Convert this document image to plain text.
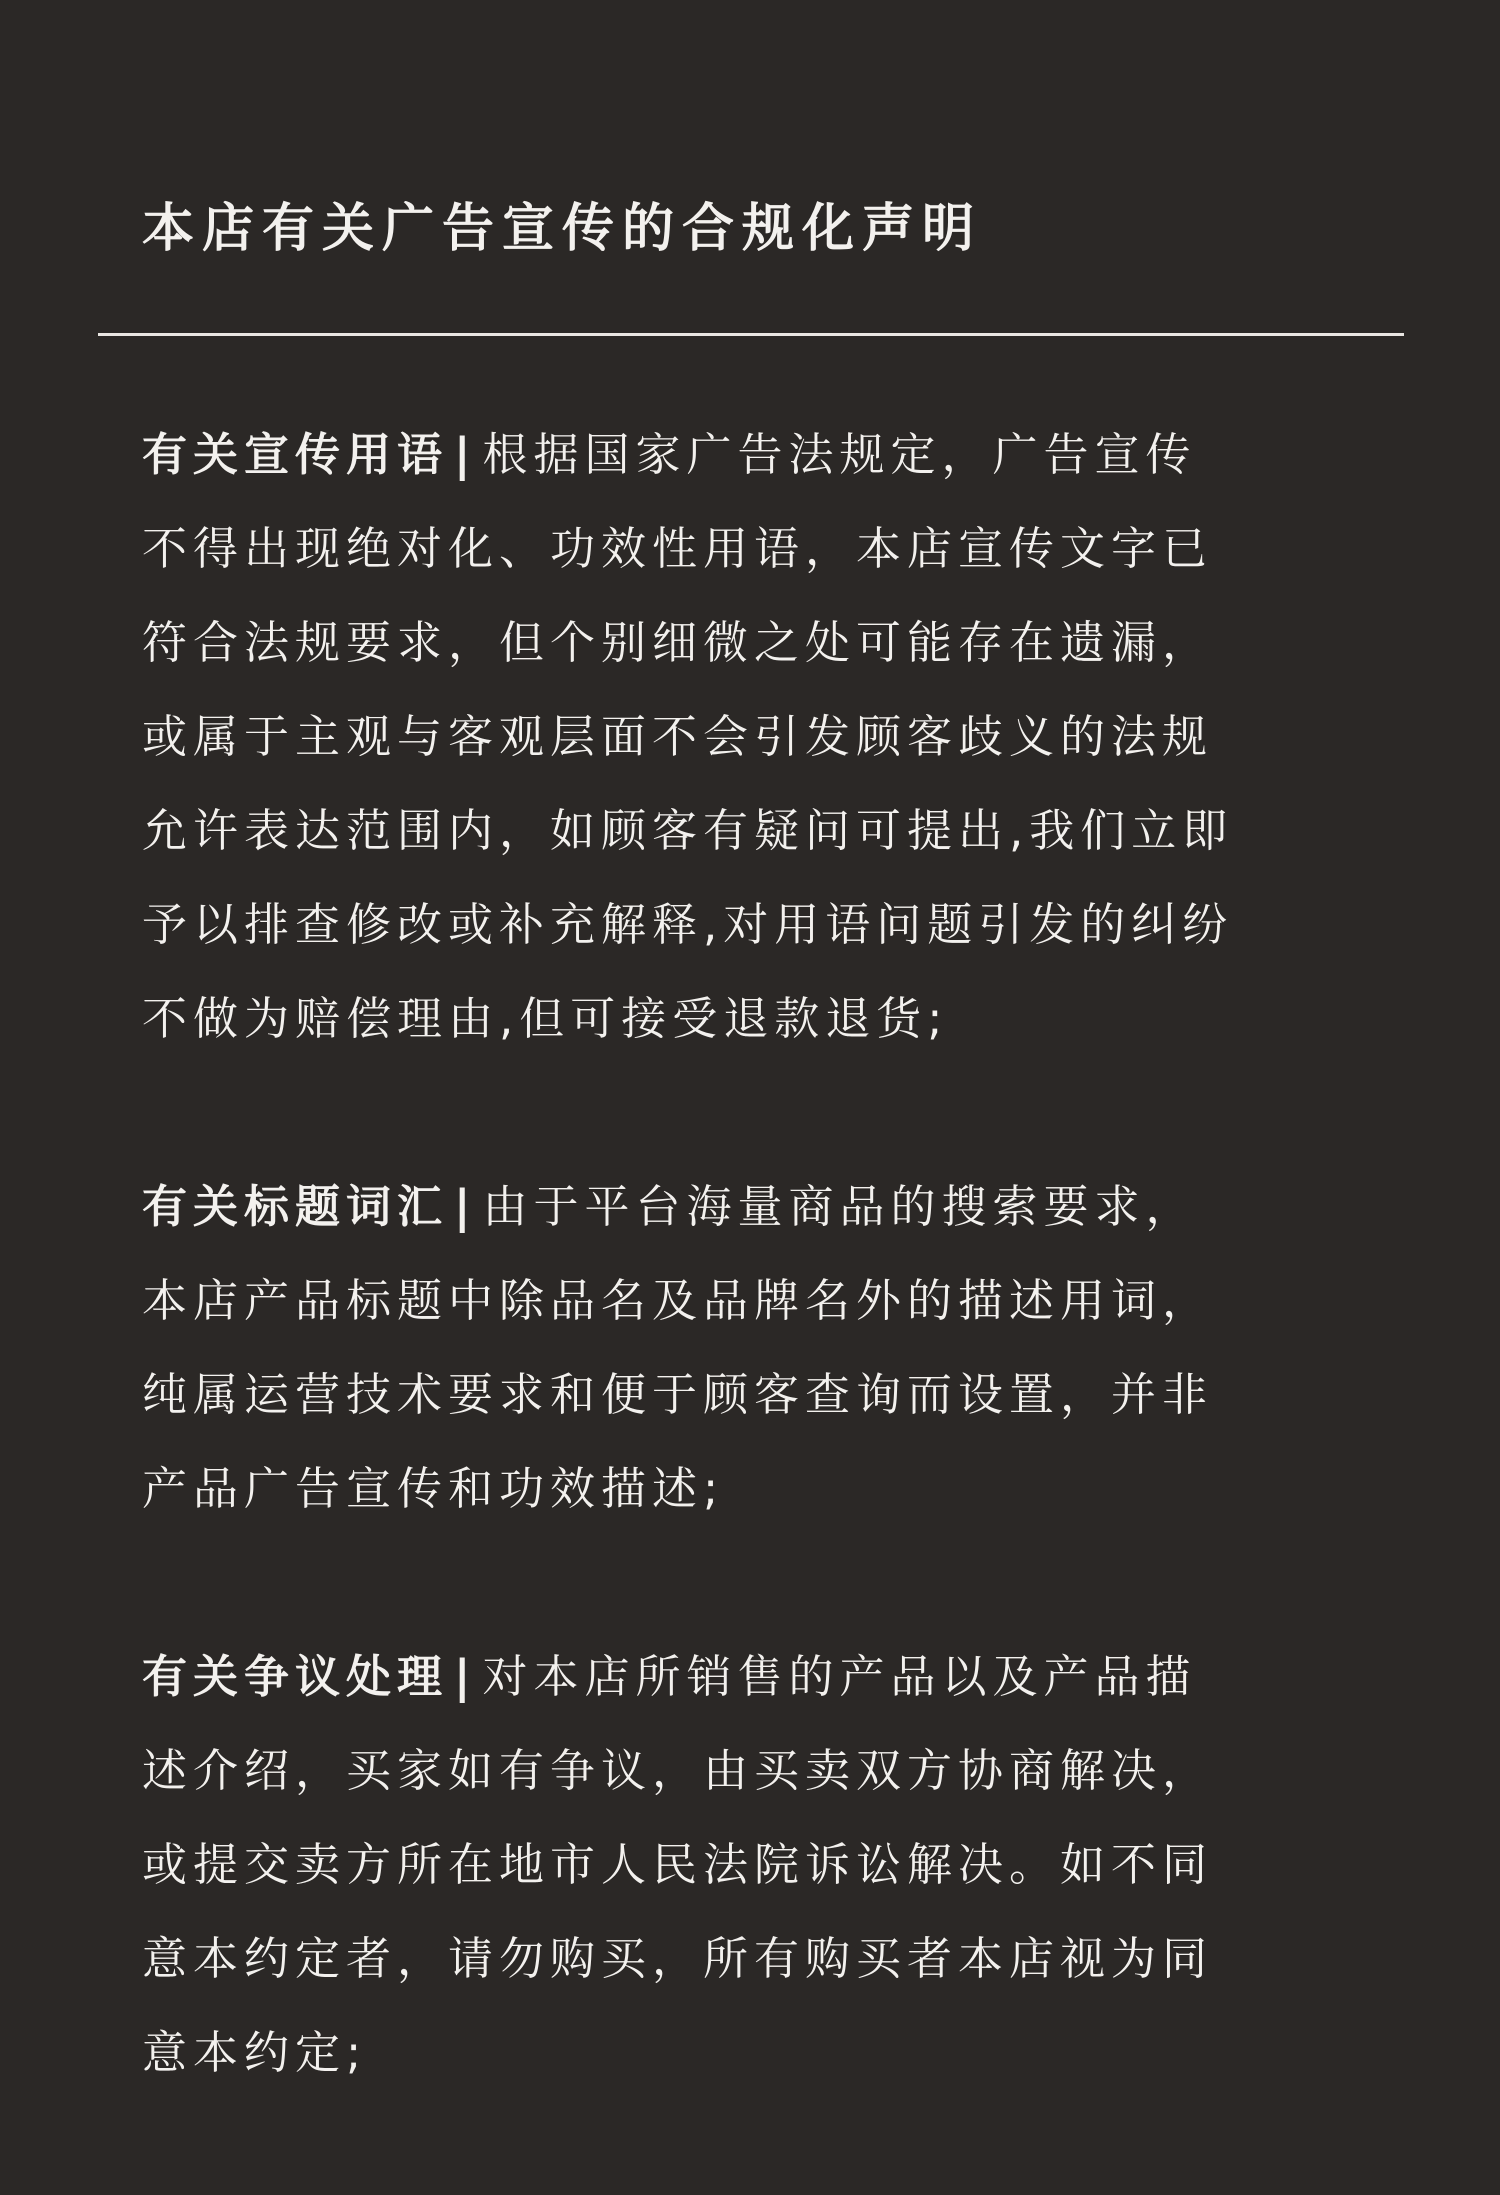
本店有关广告宣传的合规化声明
有关宣传用语 | 根据国家广告法规定，广告宣传
不得出现绝对化、功效性用语，本店宣传文字已
符合法规要求，但个别细微之处可能存在遗漏，
或属于主观与客观层面不会引发顾客歧义的法规
允许表达范围内，如顾客有疑问可提出,我们立即
予以排查修改或补充解释,对用语问题引发的纠纷
不做为赔偿理由,但可接受退款退货;
有关标题词汇 | 由于平台海量商品的搜索要求，
本店产品标题中除品名及品牌名外的描述用词，
纯属运营技术要求和便于顾客查询而设置，并非
产品广告宣传和功效描述;
有关争议处理 | 对本店所销售的产品以及产品描
述介绍，买家如有争议，由买卖双方协商解决，
或提交卖方所在地市人民法院诉讼解决。如不同
意本约定者，请勿购买，所有购买者本店视为同
意本约定;
